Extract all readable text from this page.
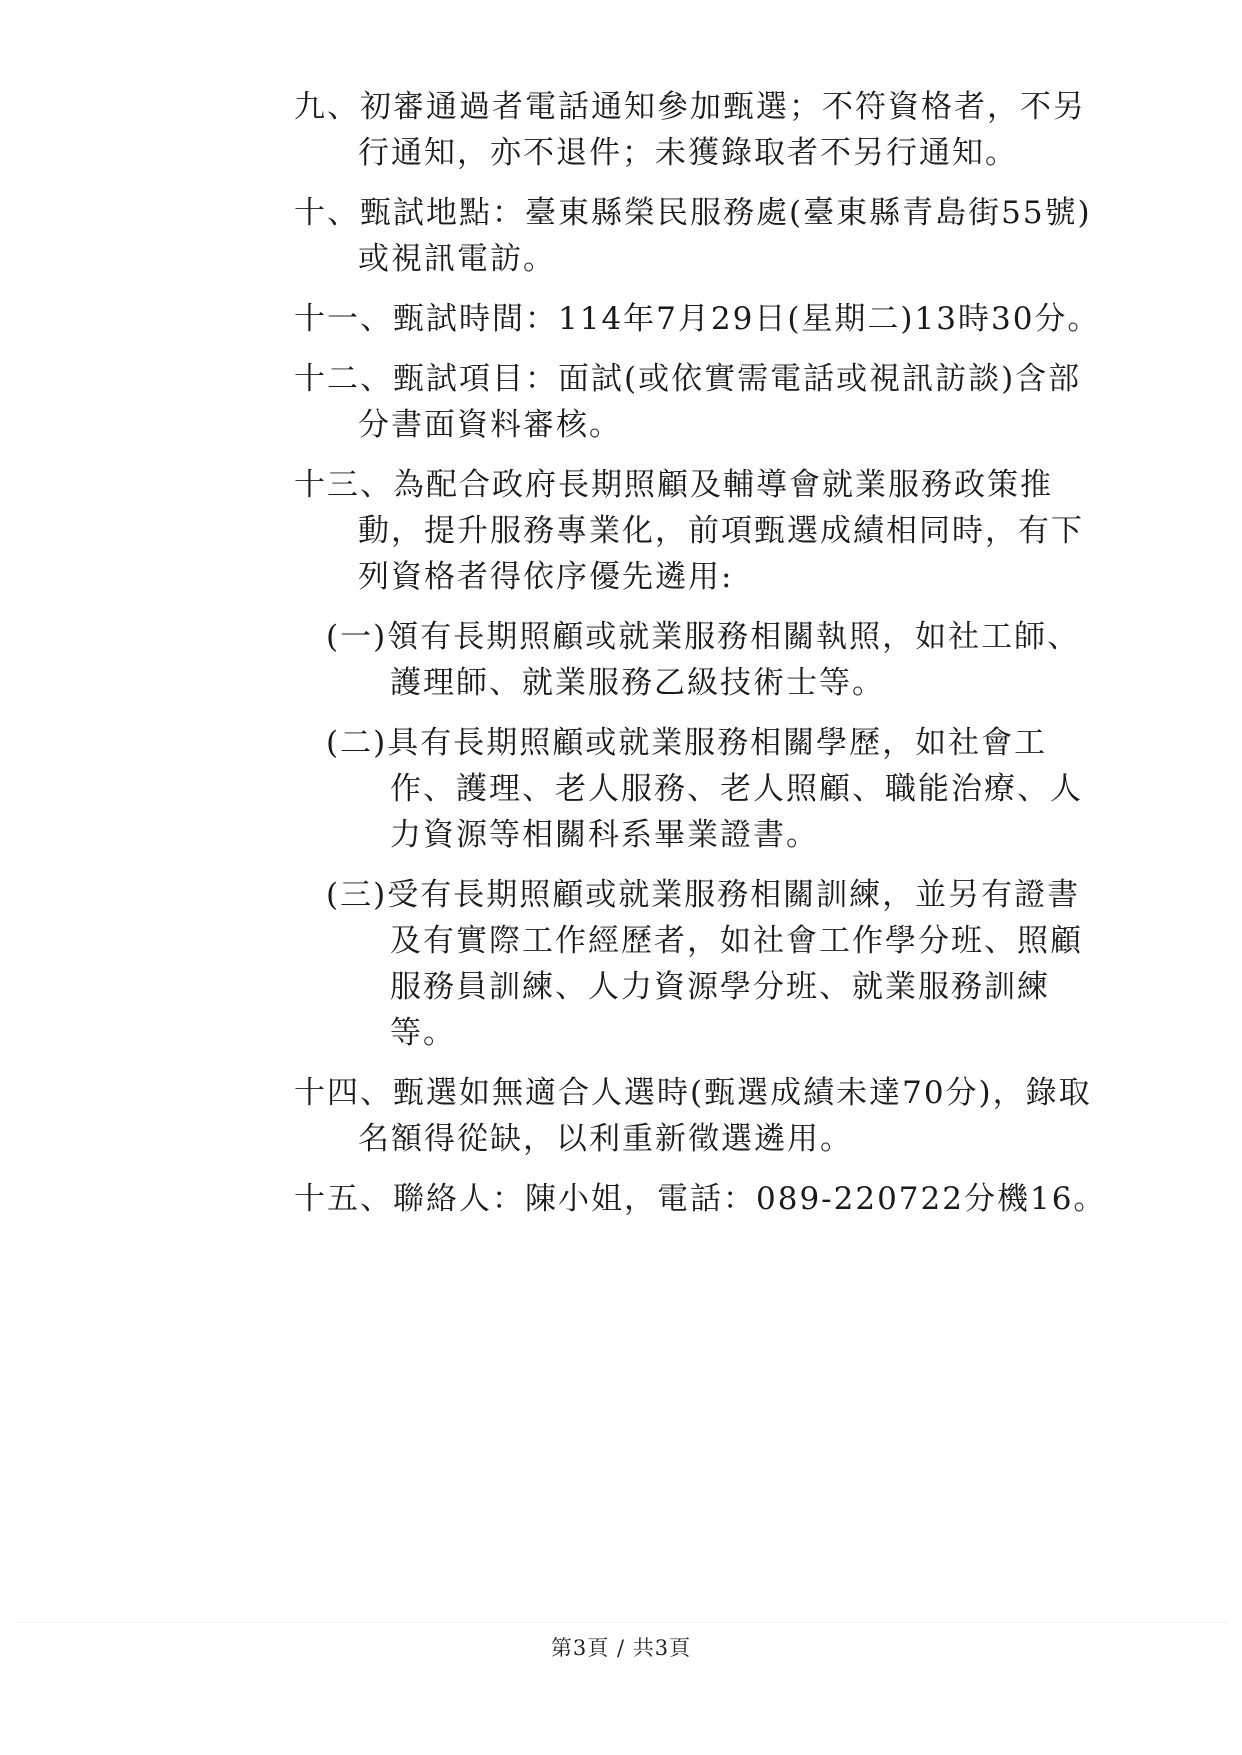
九、初審通過者電話通知參加甄選；不符資格者，不另
行通知，亦不退件；未獲錄取者不另行通知。
十、甄試地點：臺東縣榮民服務處(臺東縣青島街55號)
或視訊電訪。
十一、甄試時間：114年7月29日(星期二)13時30分。
十二、甄試項目：面試(或依實需電話或視訊訪談)含部
分書面資料審核。
十三、為配合政府長期照顧及輔導會就業服務政策推
動，提升服務專業化，前項甄選成績相同時，有下
列資格者得依序優先遴用:
(一)領有長期照顧或就業服務相關執照，如社工師、
護理師、就業服務乙級技術士等。
(二)具有長期照顧或就業服務相關學歷，如社會工
作、護理、老人服務、老人照顧、職能治療、人
力資源等相關科系畢業證書。
(三)受有長期照顧或就業服務相關訓練，並另有證書
及有實際工作經歷者，如社會工作學分班、照顧
服務員訓練、人力資源學分班、就業服務訓練
等。
十四、甄選如無適合人選時(甄選成績未達70分)，錄取
名額得從缺，以利重新徵選遴用。
十五、聯絡人：陳小姐，電話：089-220722分機16。
第3頁 / 共3頁
